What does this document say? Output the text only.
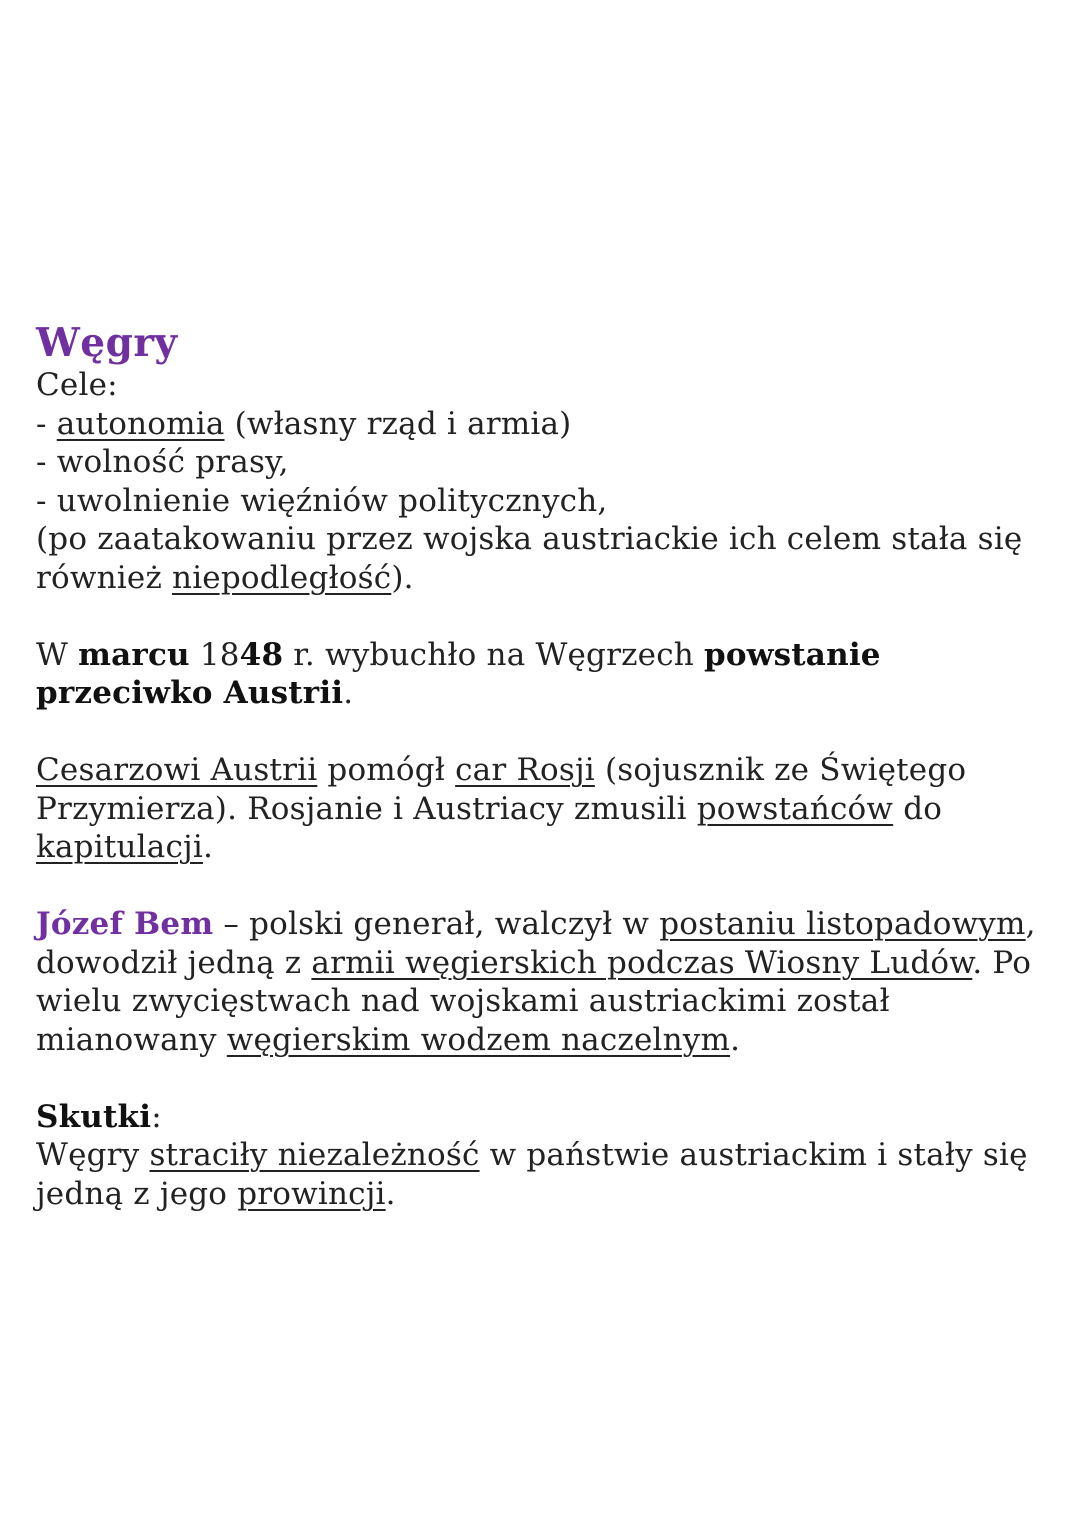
Węgry
Cele:
- autonomia (własny rząd i armia)
- wolność prasy,
- uwolnienie więźniów politycznych,
(po zaatakowaniu przez wojska austriackie ich celem stała się również niepodległość).
W marcu 1848 r. wybuchło na Węgrzech powstanie przeciwko Austrii.
Cesarzowi Austrii pomógł car Rosji (sojusznik ze Świętego Przymierza). Rosjanie i Austriacy zmusili powstańców do kapitulacji.
Józef Bem – polski generał, walczył w postaniu listopadowym, dowodził jedną z armii węgierskich podczas Wiosny Ludów. Po wielu zwycięstwach nad wojskami austriackimi został mianowany węgierskim wodzem naczelnym.
Skutki:
Węgry straciły niezależność w państwie austriackim i stały się jedną z jego prowincji.
